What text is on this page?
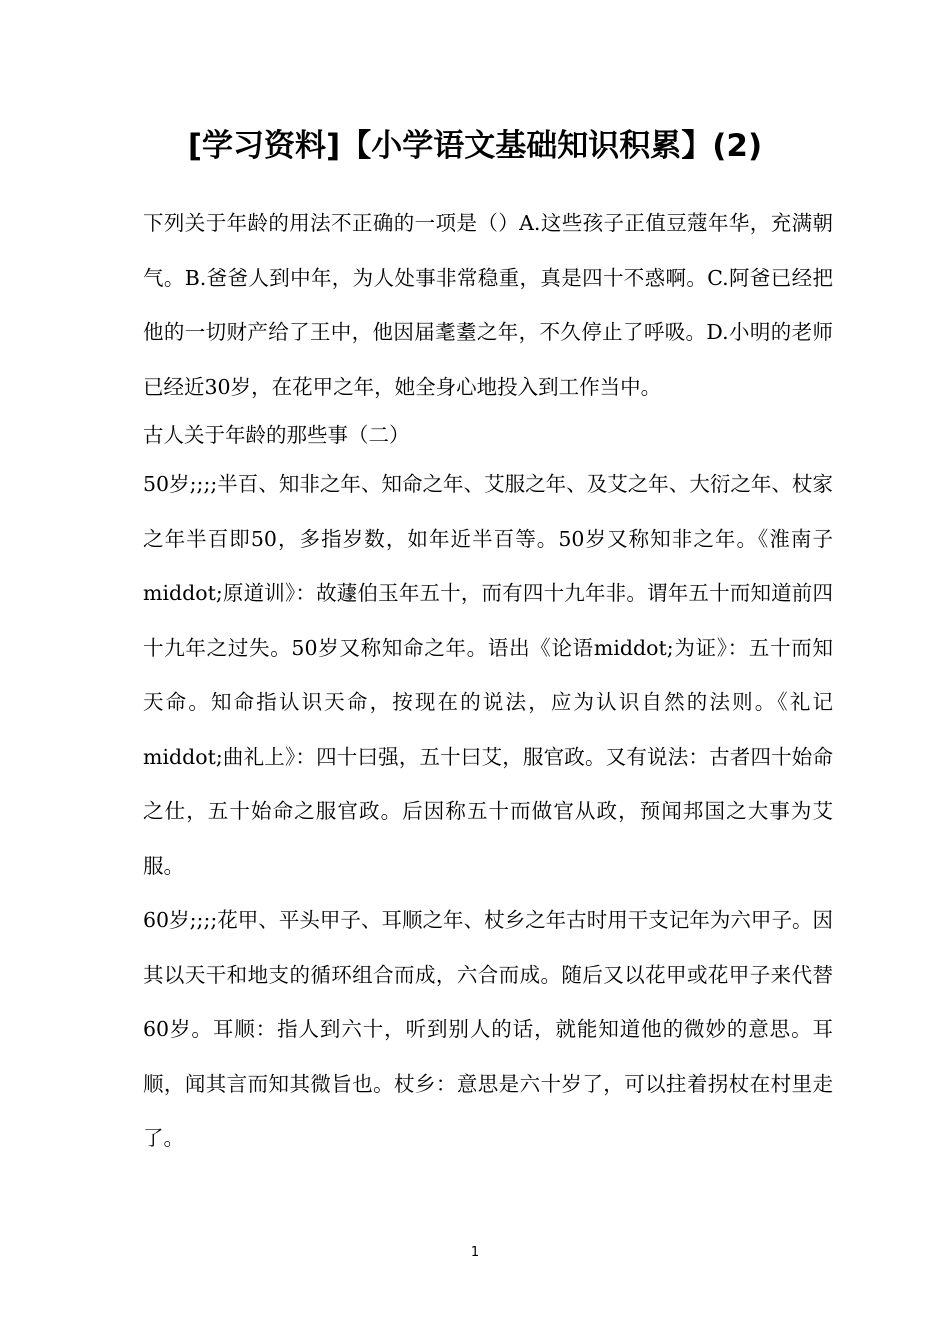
[学习资料]【小学语文基础知识积累】(2)

下列关于年龄的用法不正确的一项是（）A.这些孩子正值豆蔻年华，充满朝气。B.爸爸人到中年，为人处事非常稳重，真是四十不惑啊。C.阿爸已经把他的一切财产给了王中，他因届耄耋之年，不久停止了呼吸。D.小明的老师已经近30岁，在花甲之年，她全身心地投入到工作当中。

古人关于年龄的那些事（二）

50岁;;;;半百、知非之年、知命之年、艾服之年、及艾之年、大衍之年、杖家之年半百即50，多指岁数，如年近半百等。50岁又称知非之年。《淮南子middot;原道训》：故蘧伯玉年五十，而有四十九年非。谓年五十而知道前四十九年之过失。50岁又称知命之年。语出《论语middot;为证》：五十而知天命。知命指认识天命，按现在的说法，应为认识自然的法则。《礼记middot;曲礼上》：四十曰强，五十曰艾，服官政。又有说法：古者四十始命之仕，五十始命之服官政。后因称五十而做官从政，预闻邦国之大事为艾服。

60岁;;;;花甲、平头甲子、耳顺之年、杖乡之年古时用干支记年为六甲子。因其以天干和地支的循环组合而成，六合而成。随后又以花甲或花甲子来代替60岁。耳顺：指人到六十，听到别人的话，就能知道他的微妙的意思。耳顺，闻其言而知其微旨也。杖乡：意思是六十岁了，可以拄着拐杖在村里走了。

1
